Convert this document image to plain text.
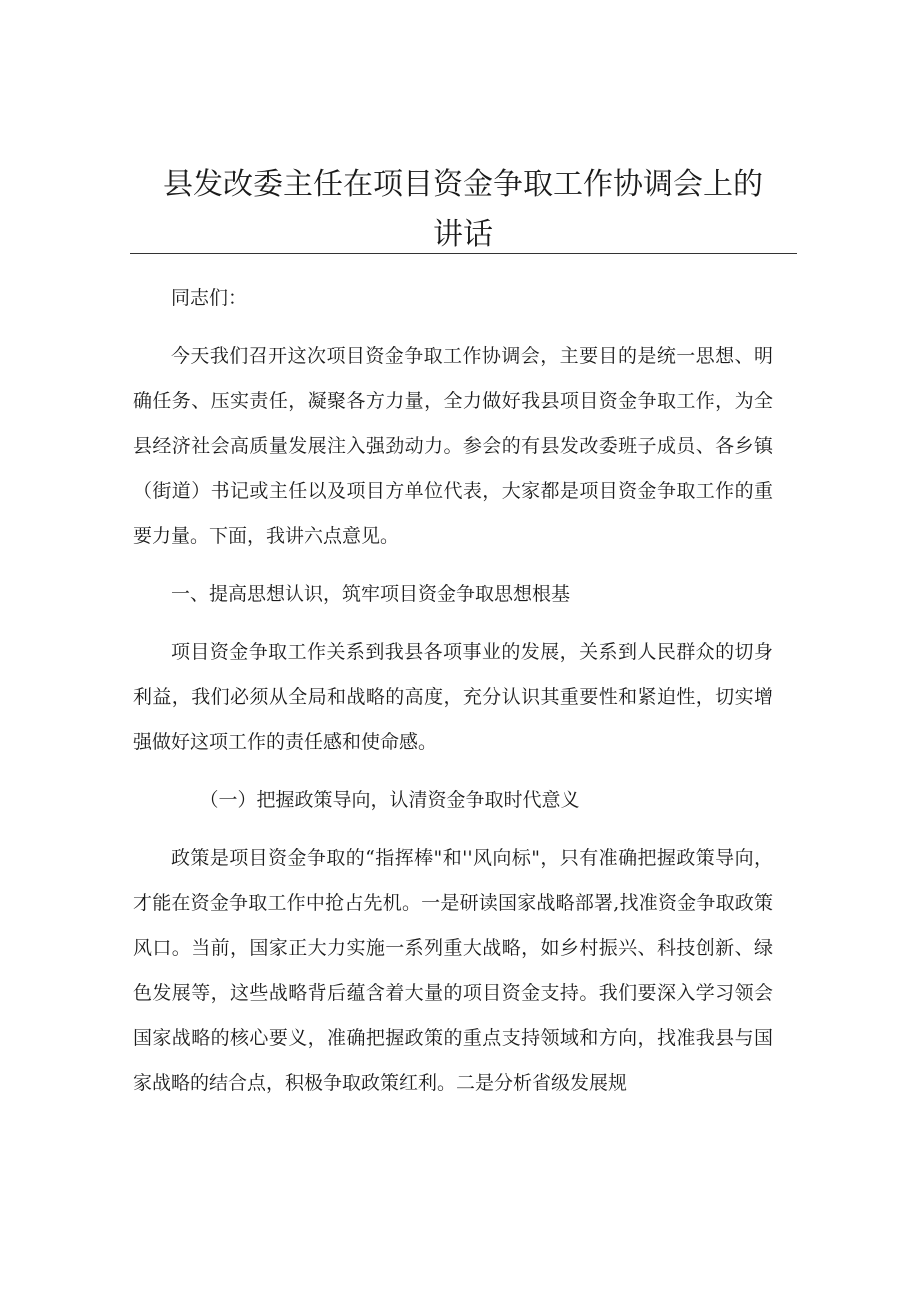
县发改委主任在项目资金争取工作协调会上的
讲话

同志们：

今天我们召开这次项目资金争取工作协调会，主要目的是统一思想、明确任务、压实责任，凝聚各方力量，全力做好我县项目资金争取工作，为全县经济社会高质量发展注入强劲动力。参会的有县发改委班子成员、各乡镇（街道）书记或主任以及项目方单位代表，大家都是项目资金争取工作的重要力量。下面，我讲六点意见。

一、提高思想认识，筑牢项目资金争取思想根基

项目资金争取工作关系到我县各项事业的发展，关系到人民群众的切身利益，我们必须从全局和战略的高度，充分认识其重要性和紧迫性，切实增强做好这项工作的责任感和使命感。

（一）把握政策导向，认清资金争取时代意义

政策是项目资金争取的“指挥棒"和''风向标"，只有准确把握政策导向，才能在资金争取工作中抢占先机。一是研读国家战略部署,找准资金争取政策风口。当前，国家正大力实施一系列重大战略，如乡村振兴、科技创新、绿色发展等，这些战略背后蕴含着大量的项目资金支持。我们要深入学习领会国家战略的核心要义，准确把握政策的重点支持领域和方向，找准我县与国家战略的结合点，积极争取政策红利。二是分析省级发展规
